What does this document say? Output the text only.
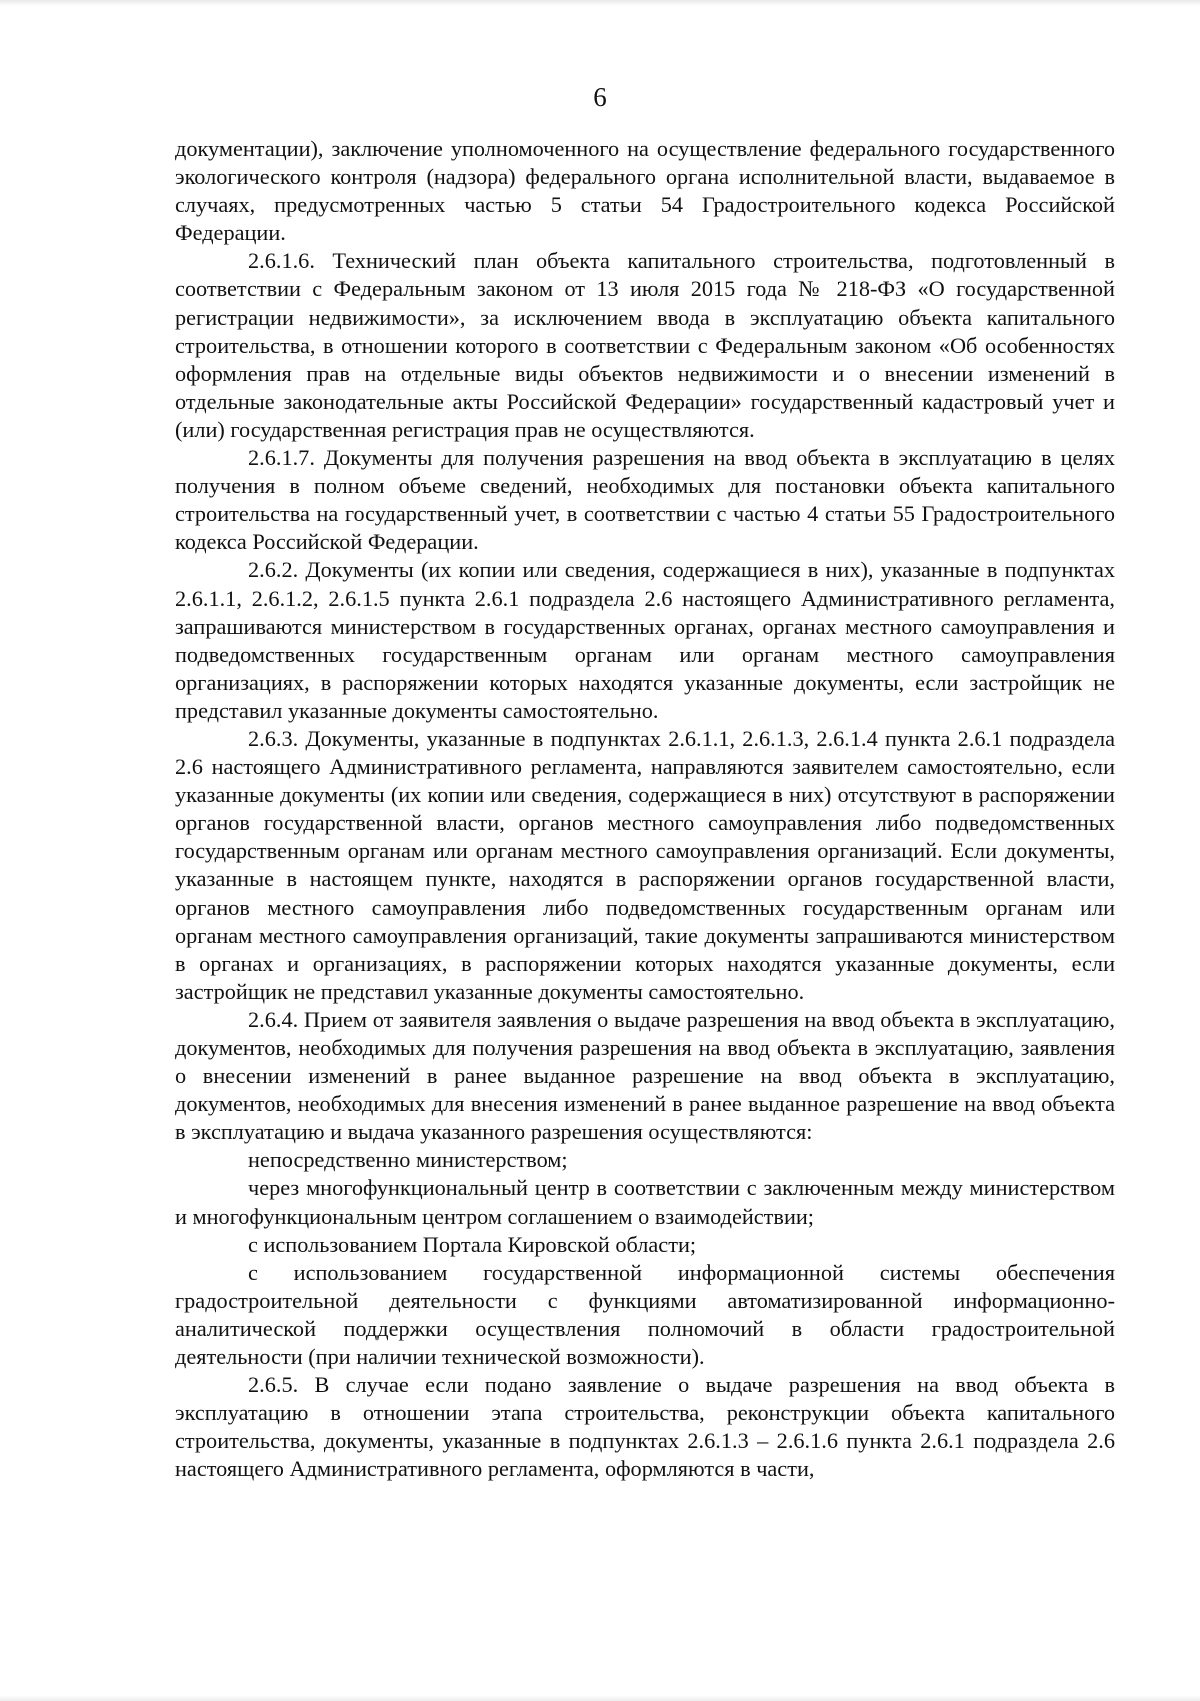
6

документации), заключение уполномоченного на осуществление федерального государственного экологического контроля (надзора) федерального органа исполнительной власти, выдаваемое в случаях, предусмотренных частью 5 статьи 54 Градостроительного кодекса Российской Федерации.

2.6.1.6. Технический план объекта капитального строительства, подготовленный в соответствии с Федеральным законом от 13 июля 2015 года № 218-ФЗ «О государственной регистрации недвижимости», за исключением ввода в эксплуатацию объекта капитального строительства, в отношении которого в соответствии с Федеральным законом «Об особенностях оформления прав на отдельные виды объектов недвижимости и о внесении изменений в отдельные законодательные акты Российской Федерации» государственный кадастровый учет и (или) государственная регистрация прав не осуществляются.

2.6.1.7. Документы для получения разрешения на ввод объекта в эксплуатацию в целях получения в полном объеме сведений, необходимых для постановки объекта капитального строительства на государственный учет, в соответствии с частью 4 статьи 55 Градостроительного кодекса Российской Федерации.

2.6.2. Документы (их копии или сведения, содержащиеся в них), указанные в подпунктах 2.6.1.1, 2.6.1.2, 2.6.1.5 пункта 2.6.1 подраздела 2.6 настоящего Административного регламента, запрашиваются министерством в государственных органах, органах местного самоуправления и подведомственных государственным органам или органам местного самоуправления организациях, в распоряжении которых находятся указанные документы, если застройщик не представил указанные документы самостоятельно.

2.6.3. Документы, указанные в подпунктах 2.6.1.1, 2.6.1.3, 2.6.1.4 пункта 2.6.1 подраздела 2.6 настоящего Административного регламента, направляются заявителем самостоятельно, если указанные документы (их копии или сведения, содержащиеся в них) отсутствуют в распоряжении органов государственной власти, органов местного самоуправления либо подведомственных государственным органам или органам местного самоуправления организаций. Если документы, указанные в настоящем пункте, находятся в распоряжении органов государственной власти, органов местного самоуправления либо подведомственных государственным органам или органам местного самоуправления организаций, такие документы запрашиваются министерством в органах и организациях, в распоряжении которых находятся указанные документы, если застройщик не представил указанные документы самостоятельно.

2.6.4. Прием от заявителя заявления о выдаче разрешения на ввод объекта в эксплуатацию, документов, необходимых для получения разрешения на ввод объекта в эксплуатацию, заявления о внесении изменений в ранее выданное разрешение на ввод объекта в эксплуатацию, документов, необходимых для внесения изменений в ранее выданное разрешение на ввод объекта в эксплуатацию и выдача указанного разрешения осуществляются:

непосредственно министерством;

через многофункциональный центр в соответствии с заключенным между министерством и многофункциональным центром соглашением о взаимодействии;

с использованием Портала Кировской области;

с использованием государственной информационной системы обеспечения градостроительной деятельности с функциями автоматизированной информационно-аналитической поддержки осуществления полномочий в области градостроительной деятельности (при наличии технической возможности).

2.6.5. В случае если подано заявление о выдаче разрешения на ввод объекта в эксплуатацию в отношении этапа строительства, реконструкции объекта капитального строительства, документы, указанные в подпунктах 2.6.1.3 – 2.6.1.6 пункта 2.6.1 подраздела 2.6 настоящего Административного регламента, оформляются в части,
